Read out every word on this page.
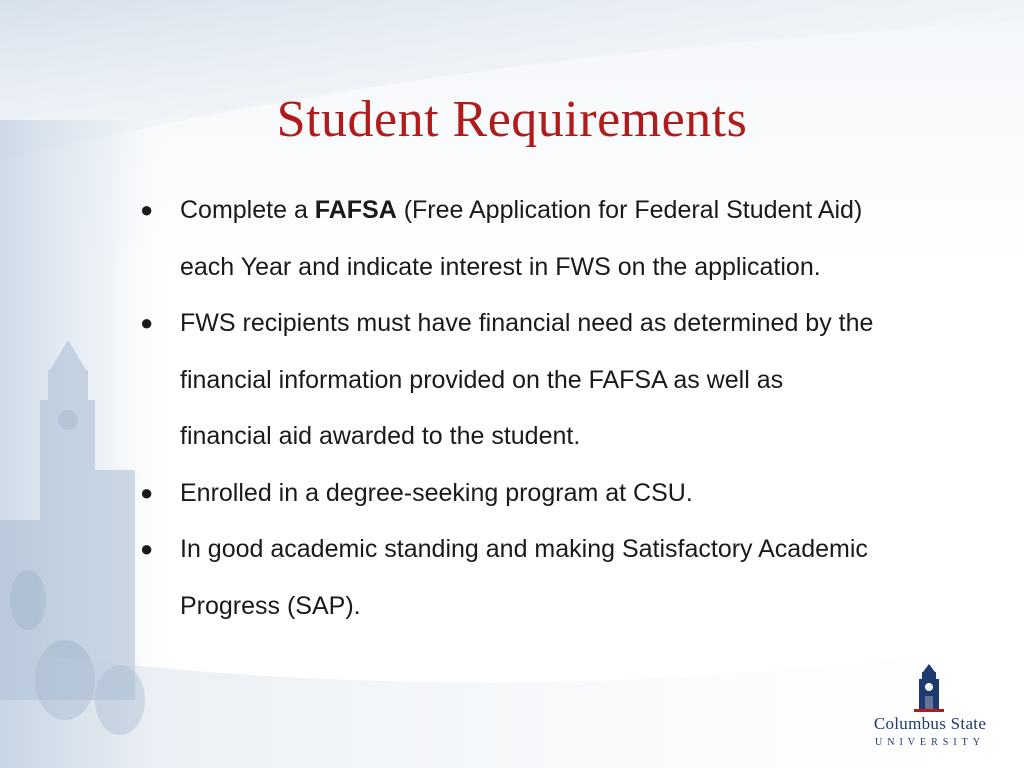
Student Requirements
● Complete a FAFSA (Free Application for Federal Student Aid) each Year and indicate interest in FWS on the application.
● FWS recipients must have financial need as determined by the financial information provided on the FAFSA as well as financial aid awarded to the student.
● Enrolled in a degree-seeking program at CSU.
● In good academic standing and making Satisfactory Academic Progress (SAP).
Columbus State
UNIVERSITY
